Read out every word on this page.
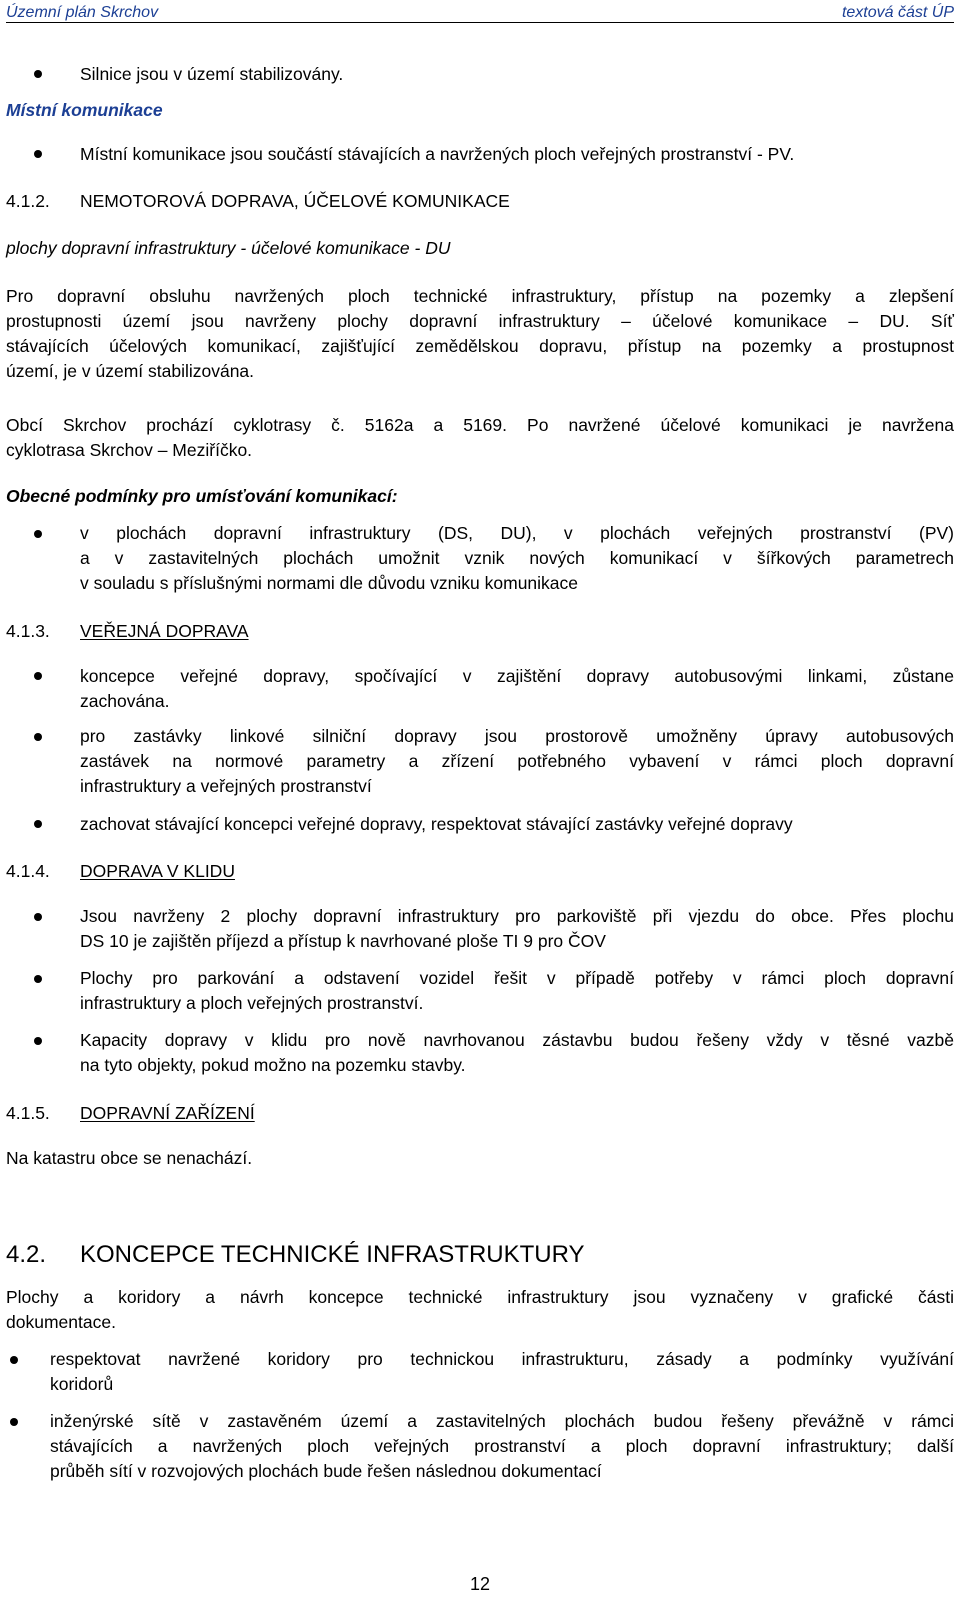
Územní plán Skrchov	textová část ÚP
Silnice jsou v území stabilizovány.
Místní komunikace
Místní komunikace jsou součástí stávajících a navržených ploch veřejných prostranství - PV.
4.1.2. NEMOTOROVÁ DOPRAVA, ÚČELOVÉ KOMUNIKACE
plochy dopravní infrastruktury - účelové komunikace - DU
Pro dopravní obsluhu navržených ploch technické infrastruktury, přístup na pozemky a zlepšení
prostupnosti území jsou navrženy plochy dopravní infrastruktury – účelové komunikace – DU. Síť
stávajících účelových komunikací, zajišťující zemědělskou dopravu, přístup na pozemky a prostupnost
území, je v území stabilizována.
Obcí Skrchov prochází cyklotrasy č. 5162a a 5169. Po navržené účelové komunikaci je navržena
cyklotrasa Skrchov – Meziříčko.
Obecné podmínky pro umísťování komunikací:
v plochách dopravní infrastruktury (DS, DU), v plochách veřejných prostranství (PV)
a v zastavitelných plochách umožnit vznik nových komunikací v šířkových parametrech
v souladu s příslušnými normami dle důvodu vzniku komunikace
4.1.3. VEŘEJNÁ DOPRAVA
koncepce veřejné dopravy, spočívající v zajištění dopravy autobusovými linkami, zůstane
zachována.
pro zastávky linkové silniční dopravy jsou prostorově umožněny úpravy autobusových
zastávek na normové parametry a zřízení potřebného vybavení v rámci ploch dopravní
infrastruktury a veřejných prostranství
zachovat stávající koncepci veřejné dopravy, respektovat stávající zastávky veřejné dopravy
4.1.4. DOPRAVA V KLIDU
Jsou navrženy 2 plochy dopravní infrastruktury pro parkoviště při vjezdu do obce. Přes plochu
DS 10 je zajištěn příjezd a přístup k navrhované ploše TI 9 pro ČOV
Plochy pro parkování a odstavení vozidel řešit v případě potřeby v rámci ploch dopravní
infrastruktury a ploch veřejných prostranství.
Kapacity dopravy v klidu pro nově navrhovanou zástavbu budou řešeny vždy v těsné vazbě
na tyto objekty, pokud možno na pozemku stavby.
4.1.5. DOPRAVNÍ ZAŘÍZENÍ
Na katastru obce se nenachází.
4.2. KONCEPCE TECHNICKÉ INFRASTRUKTURY
Plochy a koridory a návrh koncepce technické infrastruktury jsou vyznačeny v grafické části
dokumentace.
respektovat navržené koridory pro technickou infrastrukturu, zásady a podmínky využívání
koridorů
inženýrské sítě v zastavěném území a zastavitelných plochách budou řešeny převážně v rámci
stávajících a navržených ploch veřejných prostranství a ploch dopravní infrastruktury; další
průběh sítí v rozvojových plochách bude řešen následnou dokumentací
12
